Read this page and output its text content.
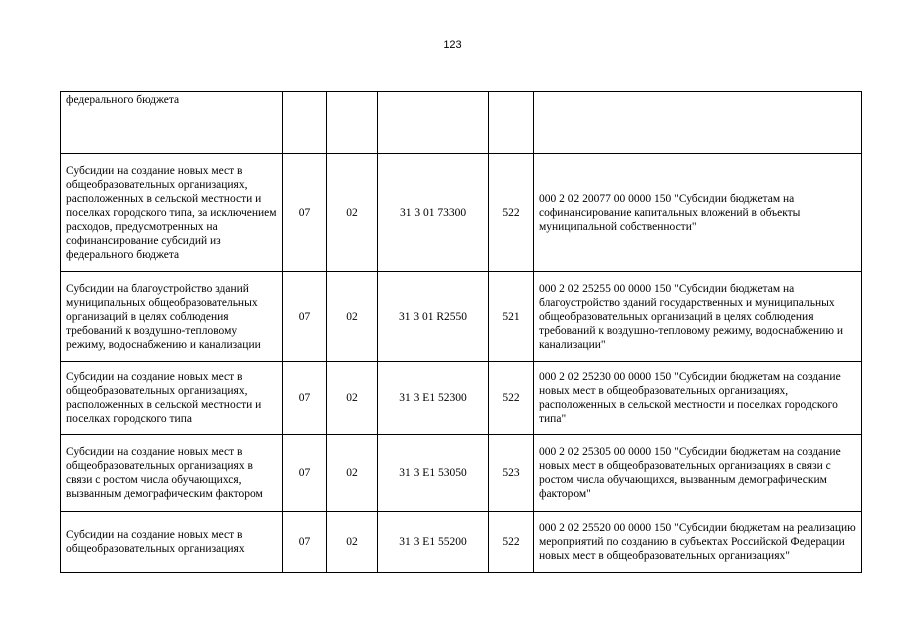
123
федерального бюджета					
Субсидии на создание новых мест в общеобразовательных организациях, расположенных в сельской местности и поселках городского типа, за исключением расходов, предусмотренных на софинансирование субсидий из федерального бюджета	07	02	31 3 01 73300	522	000 2 02 20077 00 0000 150 "Субсидии бюджетам на софинансирование капитальных вложений в объекты муниципальной собственности"
Субсидии на благоустройство зданий муниципальных общеобразовательных организаций в целях соблюдения требований к воздушно-тепловому режиму, водоснабжению и канализации	07	02	31 3 01 R2550	521	000 2 02 25255 00 0000 150 "Субсидии бюджетам на благоустройство зданий государственных и муниципальных общеобразовательных организаций в целях соблюдения требований к воздушно-тепловому режиму, водоснабжению и канализации"
Субсидии на создание новых мест в общеобразовательных организациях, расположенных в сельской местности и поселках городского типа	07	02	31 3 E1 52300	522	000 2 02 25230 00 0000 150 "Субсидии бюджетам на создание новых мест в общеобразовательных организациях, расположенных в сельской местности и поселках городского типа"
Субсидии на создание новых мест в общеобразовательных организациях в связи с ростом числа обучающихся, вызванным демографическим фактором	07	02	31 3 E1 53050	523	000 2 02 25305 00 0000 150 "Субсидии бюджетам на создание новых мест в общеобразовательных организациях в связи с ростом числа обучающихся, вызванным демографическим фактором"
Субсидии на создание новых мест в общеобразовательных организациях	07	02	31 3 E1 55200	522	000 2 02 25520 00 0000 150 "Субсидии бюджетам на реализацию мероприятий по созданию в субъектах Российской Федерации новых мест в общеобразовательных организациях"
